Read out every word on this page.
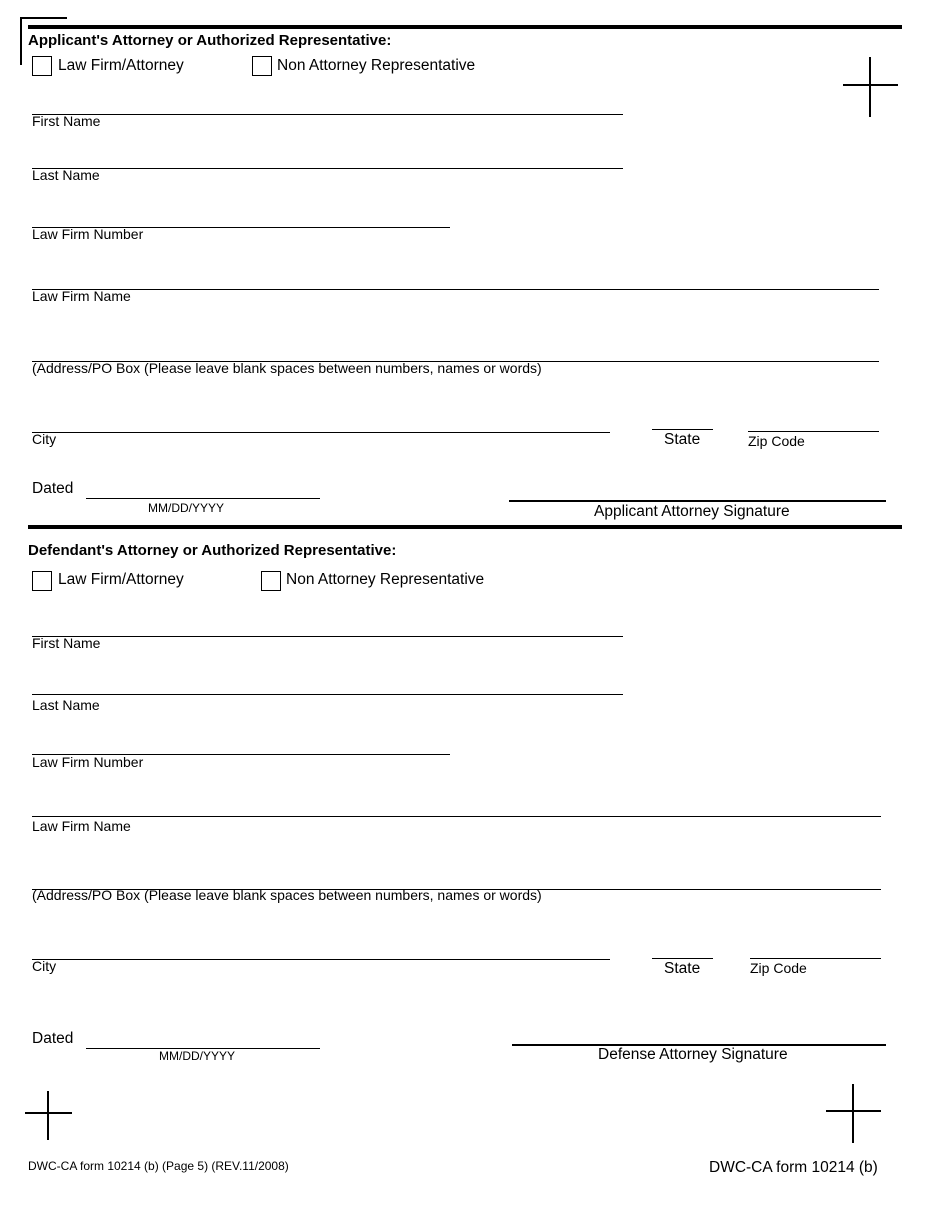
Applicant's Attorney or Authorized Representative:
Law Firm/Attorney	Non Attorney Representative
First Name
Last Name
Law Firm Number
Law Firm Name
(Address/PO Box (Please leave blank spaces between numbers, names or words)
City	State	Zip Code
Dated
MM/DD/YYYY	Applicant Attorney Signature
Defendant's Attorney or Authorized Representative:
Law Firm/Attorney	Non Attorney Representative
First Name
Last Name
Law Firm Number
Law Firm Name
(Address/PO Box (Please leave blank spaces between numbers, names or words)
City	State	Zip Code
Dated
MM/DD/YYYY	Defense Attorney Signature
DWC-CA form 10214 (b) (Page 5) (REV.11/2008)	DWC-CA form 10214 (b)
